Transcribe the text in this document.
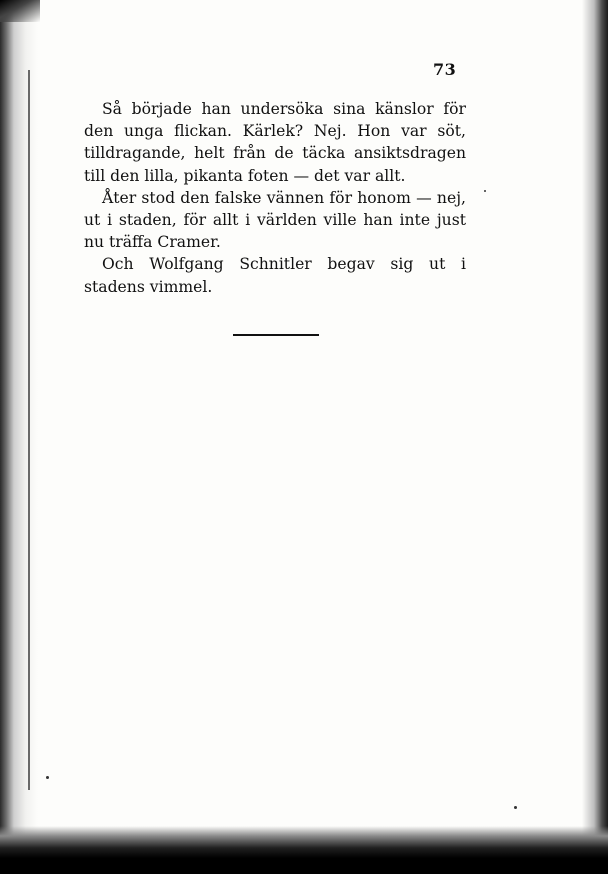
73

Så började han undersöka sina känslor för den unga flickan. Kärlek? Nej. Hon var söt, tilldragande, helt från de täcka ansiktsdragen till den lilla, pikanta foten — det var allt.

Åter stod den falske vännen för honom — nej, ut i staden, för allt i världen ville han inte just nu träffa Cramer.

Och Wolfgang Schnitler begav sig ut i stadens vimmel.
